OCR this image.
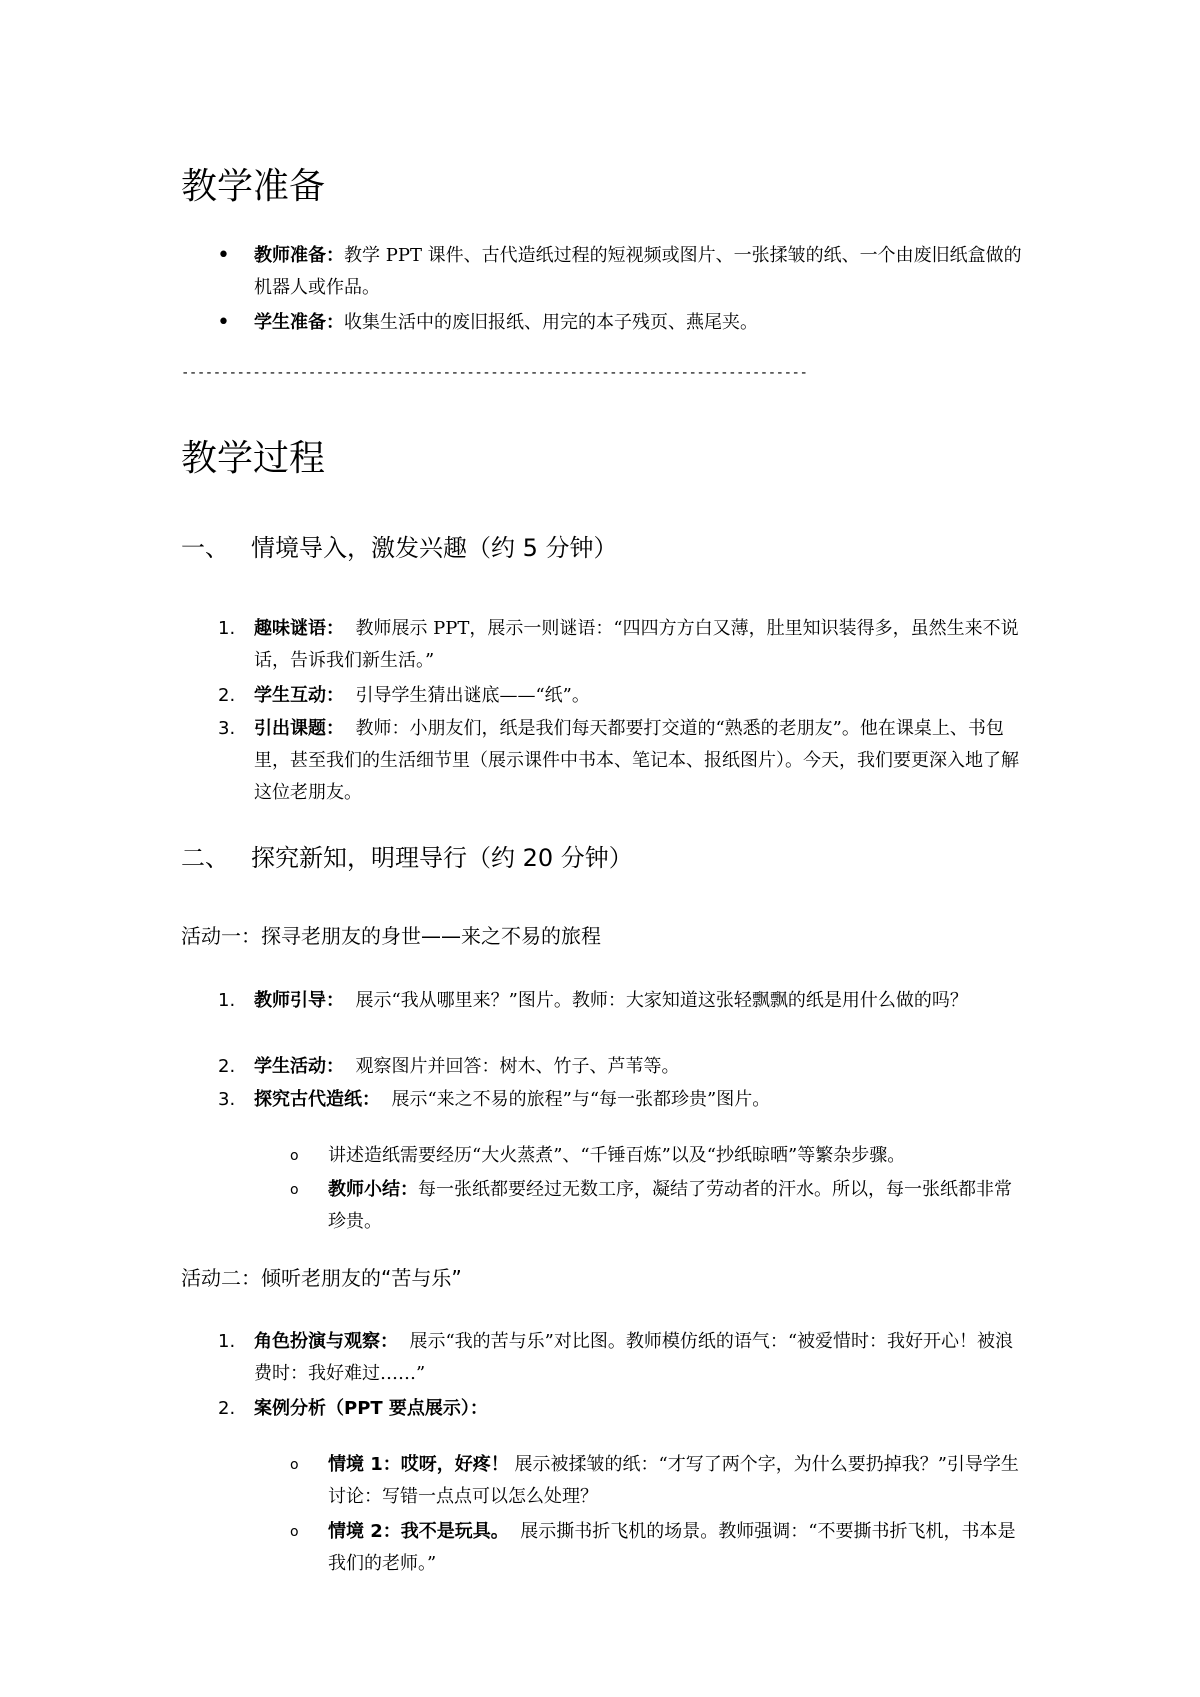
教学准备
• 教师准备：教学 PPT 课件、古代造纸过程的短视频或图片、一张揉皱的纸、一个由废旧纸盒做的机器人或作品。
• 学生准备：收集生活中的废旧报纸、用完的本子残页、燕尾夹。
-------------------------------------------------------------------------------
教学过程
一、 情境导入，激发兴趣（约 5 分钟）
1. 趣味谜语： 教师展示 PPT，展示一则谜语：“四四方方白又薄，肚里知识装得多，虽然生来不说话，告诉我们新生活。”
2. 学生互动： 引导学生猜出谜底——“纸”。
3. 引出课题： 教师：小朋友们，纸是我们每天都要打交道的“熟悉的老朋友”。他在课桌上、书包里，甚至我们的生活细节里（展示课件中书本、笔记本、报纸图片）。今天，我们要更深入地了解这位老朋友。
二、 探究新知，明理导行（约 20 分钟）
活动一：探寻老朋友的身世——来之不易的旅程
1. 教师引导： 展示“我从哪里来？”图片。教师：大家知道这张轻飘飘的纸是用什么做的吗？
2. 学生活动： 观察图片并回答：树木、竹子、芦苇等。
3. 探究古代造纸： 展示“来之不易的旅程”与“每一张都珍贵”图片。
o 讲述造纸需要经历“大火蒸煮”、“千锤百炼”以及“抄纸晾晒”等繁杂步骤。
o 教师小结：每一张纸都要经过无数工序，凝结了劳动者的汗水。所以，每一张纸都非常珍贵。
活动二：倾听老朋友的“苦与乐”
1. 角色扮演与观察： 展示“我的苦与乐”对比图。教师模仿纸的语气：“被爱惜时：我好开心！被浪费时：我好难过……”
2. 案例分析（PPT 要点展示）：
o 情境 1：哎呀，好疼！ 展示被揉皱的纸：“才写了两个字，为什么要扔掉我？”引导学生讨论：写错一点点可以怎么处理？
o 情境 2：我不是玩具。 展示撕书折飞机的场景。教师强调：“不要撕书折飞机，书本是我们的老师。”
